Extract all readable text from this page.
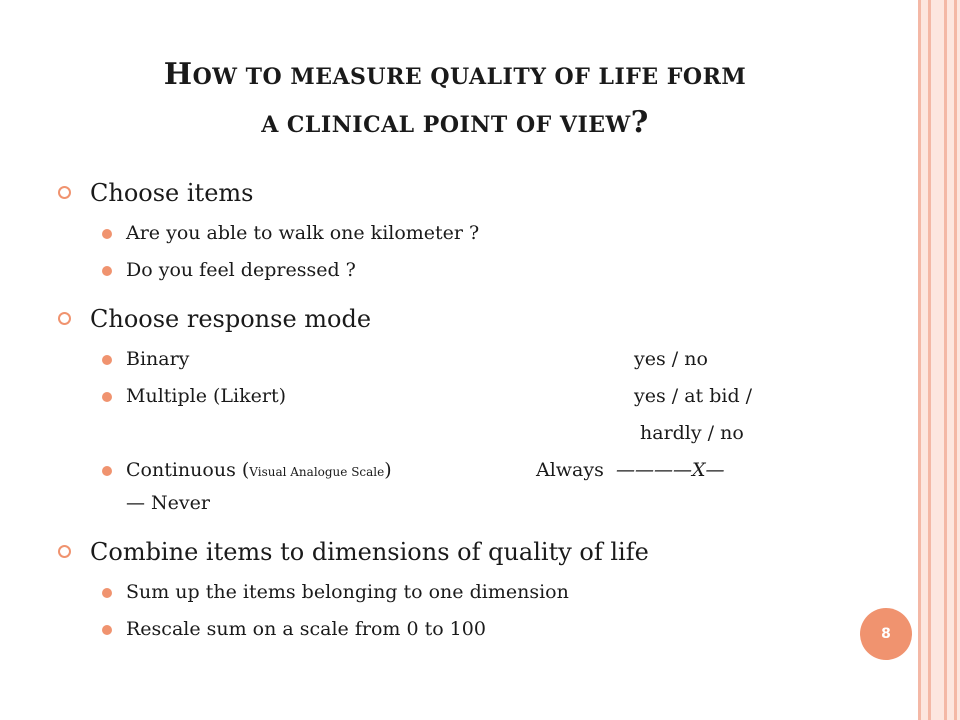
HOW TO MEASURE QUALITY OF LIFE FORM
A CLINICAL POINT OF VIEW?
Choose items
Are you able to walk one kilometer ?
Do you feel depressed ?
Choose response mode
Binary	yes / no
Multiple (Likert)	yes / at bid /

hardly / no
Continuous (Visual Analogue Scale)	Always ————X—
— Never
Combine items to dimensions of quality of life
Sum up the items belonging to one dimension
Rescale sum on a scale from 0 to 100	8
